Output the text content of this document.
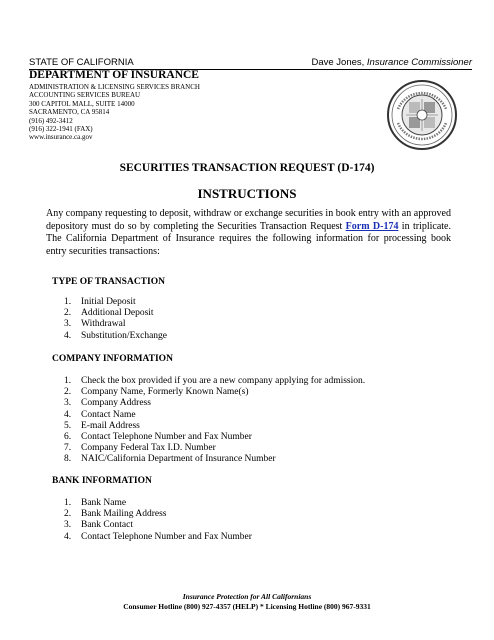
STATE OF CALIFORNIA	Dave Jones, Insurance Commissioner
DEPARTMENT OF INSURANCE
ADMINISTRATION & LICENSING SERVICES BRANCH
ACCOUNTING SERVICES BUREAU
300 CAPITOL MALL, SUITE 14000
SACRAMENTO, CA 95814
(916) 492-3412
(916) 322-1941 (FAX)
www.insurance.ca.gov
SECURITIES TRANSACTION REQUEST (D-174)
INSTRUCTIONS
Any company requesting to deposit, withdraw or exchange securities in book entry with an approved depository must do so by completing the Securities Transaction Request Form D-174 in triplicate. The California Department of Insurance requires the following information for processing book entry securities transactions:
TYPE OF TRANSACTION
1. Initial Deposit
2. Additional Deposit
3. Withdrawal
4. Substitution/Exchange
COMPANY INFORMATION
1. Check the box provided if you are a new company applying for admission.
2. Company Name, Formerly Known Name(s)
3. Company Address
4. Contact Name
5. E-mail Address
6. Contact Telephone Number and Fax Number
7. Company Federal Tax I.D. Number
8. NAIC/California Department of Insurance Number
BANK INFORMATION
1. Bank Name
2. Bank Mailing Address
3. Bank Contact
4. Contact Telephone Number and Fax Number
Insurance Protection for All Californians
Consumer Hotline (800) 927-4357 (HELP) * Licensing Hotline (800) 967-9331
